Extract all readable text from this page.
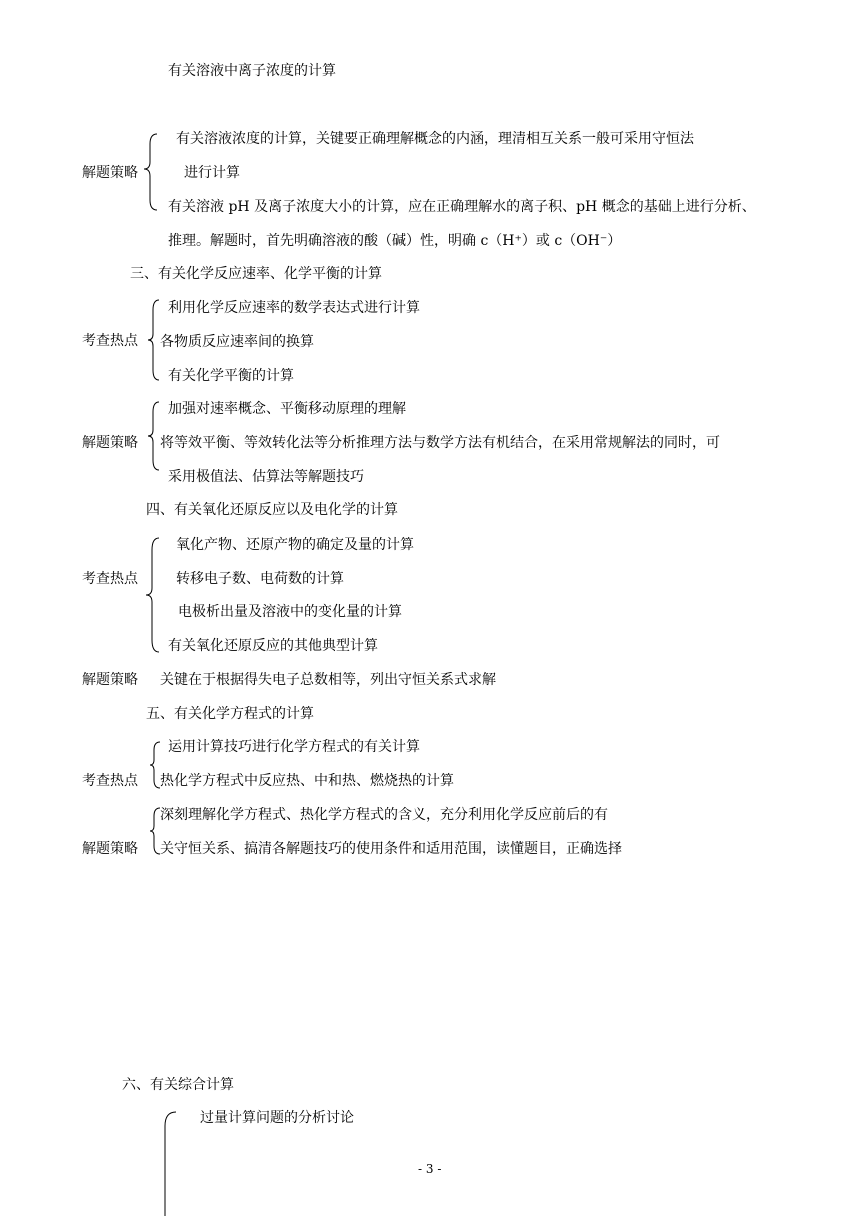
有关溶液中离子浓度的计算
解题策略
有关溶液浓度的计算，关键要正确理解概念的内涵，理清相互关系一般可采用守恒法
进行计算
有关溶液 pH 及离子浓度大小的计算，应在正确理解水的离子积、pH 概念的基础上进行分析、
推理。解题时，首先明确溶液的酸（碱）性，明确 c（H⁺）或 c（OH⁻）
三、有关化学反应速率、化学平衡的计算
考查热点
利用化学反应速率的数学表达式进行计算
各物质反应速率间的换算
有关化学平衡的计算
解题策略
加强对速率概念、平衡移动原理的理解
将等效平衡、等效转化法等分析推理方法与数学方法有机结合，在采用常规解法的同时，可
采用极值法、估算法等解题技巧
四、有关氧化还原反应以及电化学的计算
考查热点
氧化产物、还原产物的确定及量的计算
转移电子数、电荷数的计算
电极析出量及溶液中的变化量的计算
有关氧化还原反应的其他典型计算
解题策略 关键在于根据得失电子总数相等，列出守恒关系式求解
五、有关化学方程式的计算
考查热点
运用计算技巧进行化学方程式的有关计算
热化学方程式中反应热、中和热、燃烧热的计算
解题策略
深刻理解化学方程式、热化学方程式的含义，充分利用化学反应前后的有
关守恒关系、搞清各解题技巧的使用条件和适用范围，读懂题目，正确选择
六、有关综合计算
过量计算问题的分析讨论
- 3 -
